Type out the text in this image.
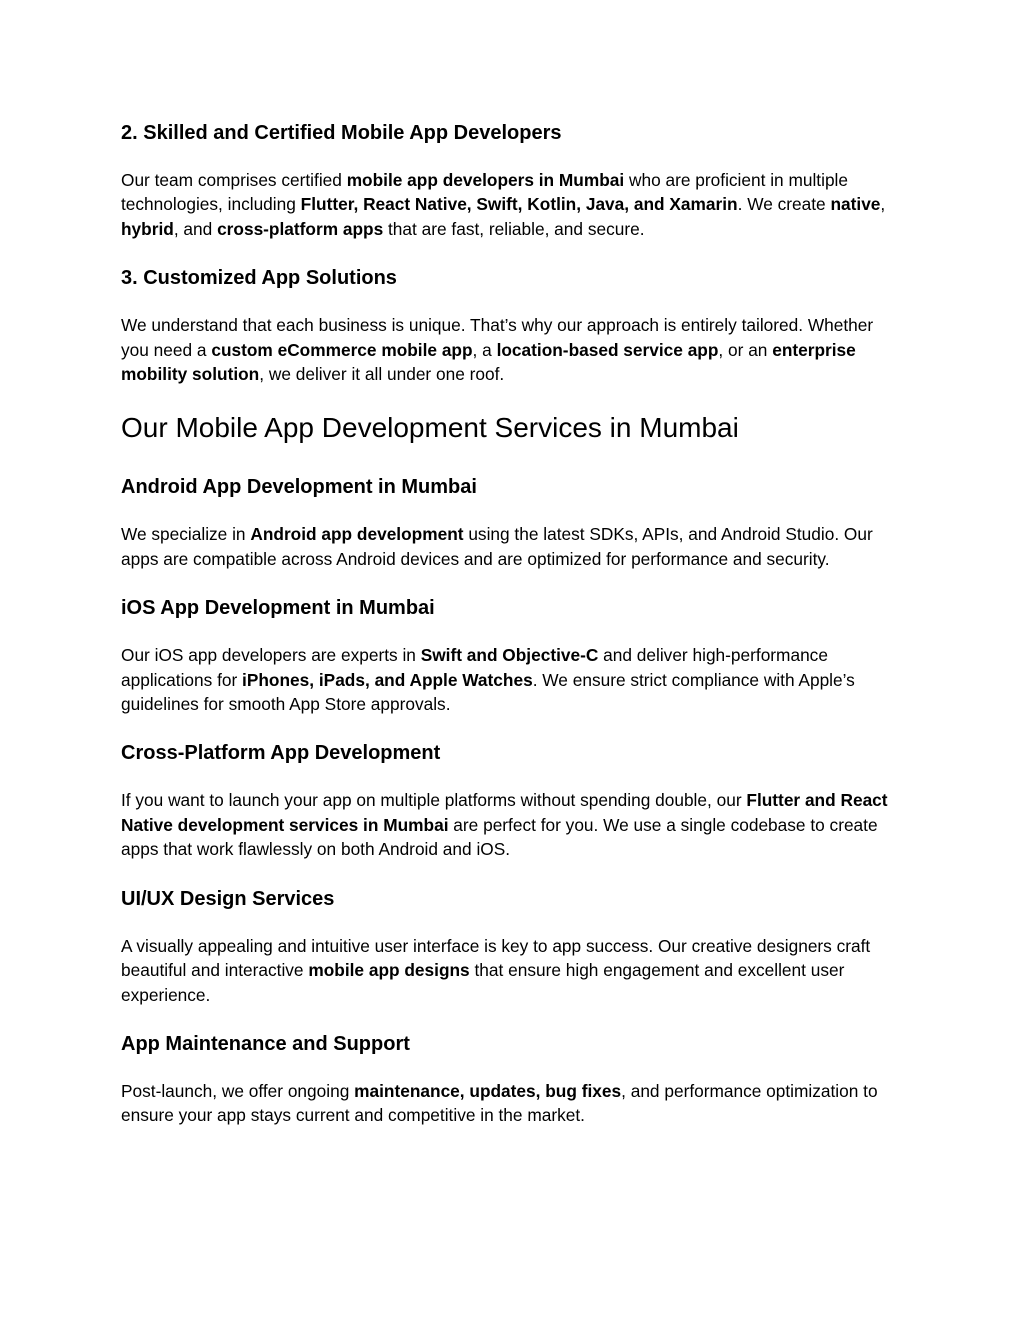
2. Skilled and Certified Mobile App Developers

Our team comprises certified mobile app developers in Mumbai who are proficient in multiple technologies, including Flutter, React Native, Swift, Kotlin, Java, and Xamarin. We create native, hybrid, and cross-platform apps that are fast, reliable, and secure.

3. Customized App Solutions

We understand that each business is unique. That’s why our approach is entirely tailored. Whether you need a custom eCommerce mobile app, a location-based service app, or an enterprise mobility solution, we deliver it all under one roof.

Our Mobile App Development Services in Mumbai
Android App Development in Mumbai

We specialize in Android app development using the latest SDKs, APIs, and Android Studio. Our apps are compatible across Android devices and are optimized for performance and security.

iOS App Development in Mumbai

Our iOS app developers are experts in Swift and Objective-C and deliver high-performance applications for iPhones, iPads, and Apple Watches. We ensure strict compliance with Apple’s guidelines for smooth App Store approvals.

Cross-Platform App Development

If you want to launch your app on multiple platforms without spending double, our Flutter and React Native development services in Mumbai are perfect for you. We use a single codebase to create apps that work flawlessly on both Android and iOS.

UI/UX Design Services

A visually appealing and intuitive user interface is key to app success. Our creative designers craft beautiful and interactive mobile app designs that ensure high engagement and excellent user experience.

App Maintenance and Support

Post-launch, we offer ongoing maintenance, updates, bug fixes, and performance optimization to ensure your app stays current and competitive in the market.
